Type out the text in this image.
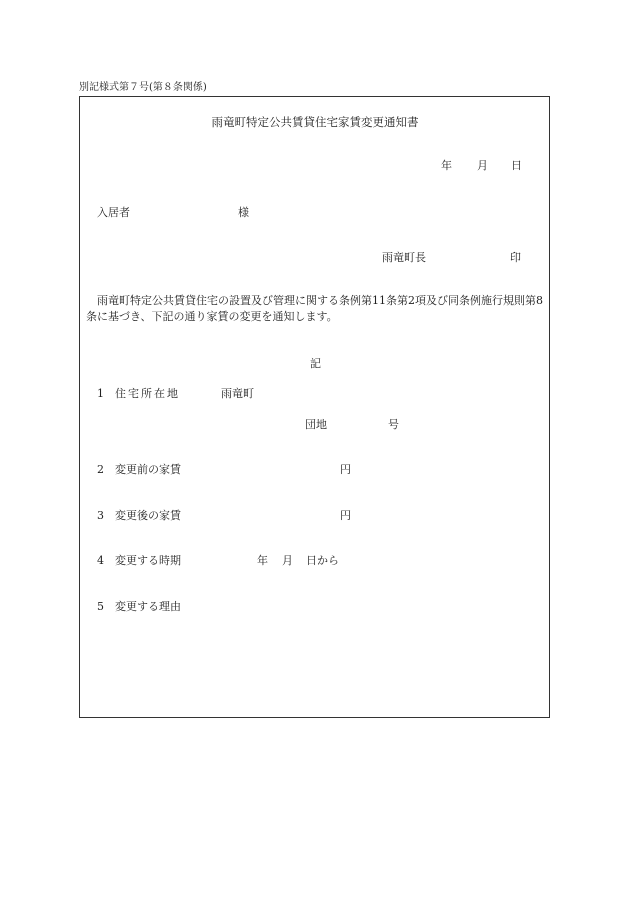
別記様式第７号(第８条関係)
雨竜町特定公共賃貸住宅家賃変更通知書
年 月 日
入居者	様
雨竜町長	印
雨竜町特定公共賃貸住宅の設置及び管理に関する条例第11条第2項及び同条例施行規則第8条に基づき、下記の通り家賃の変更を通知します。
記
1 住宅所在地	雨竜町
団地	号
2 変更前の家賃	円
3 変更後の家賃	円
4 変更する時期	年 月 日から
5 変更する理由
